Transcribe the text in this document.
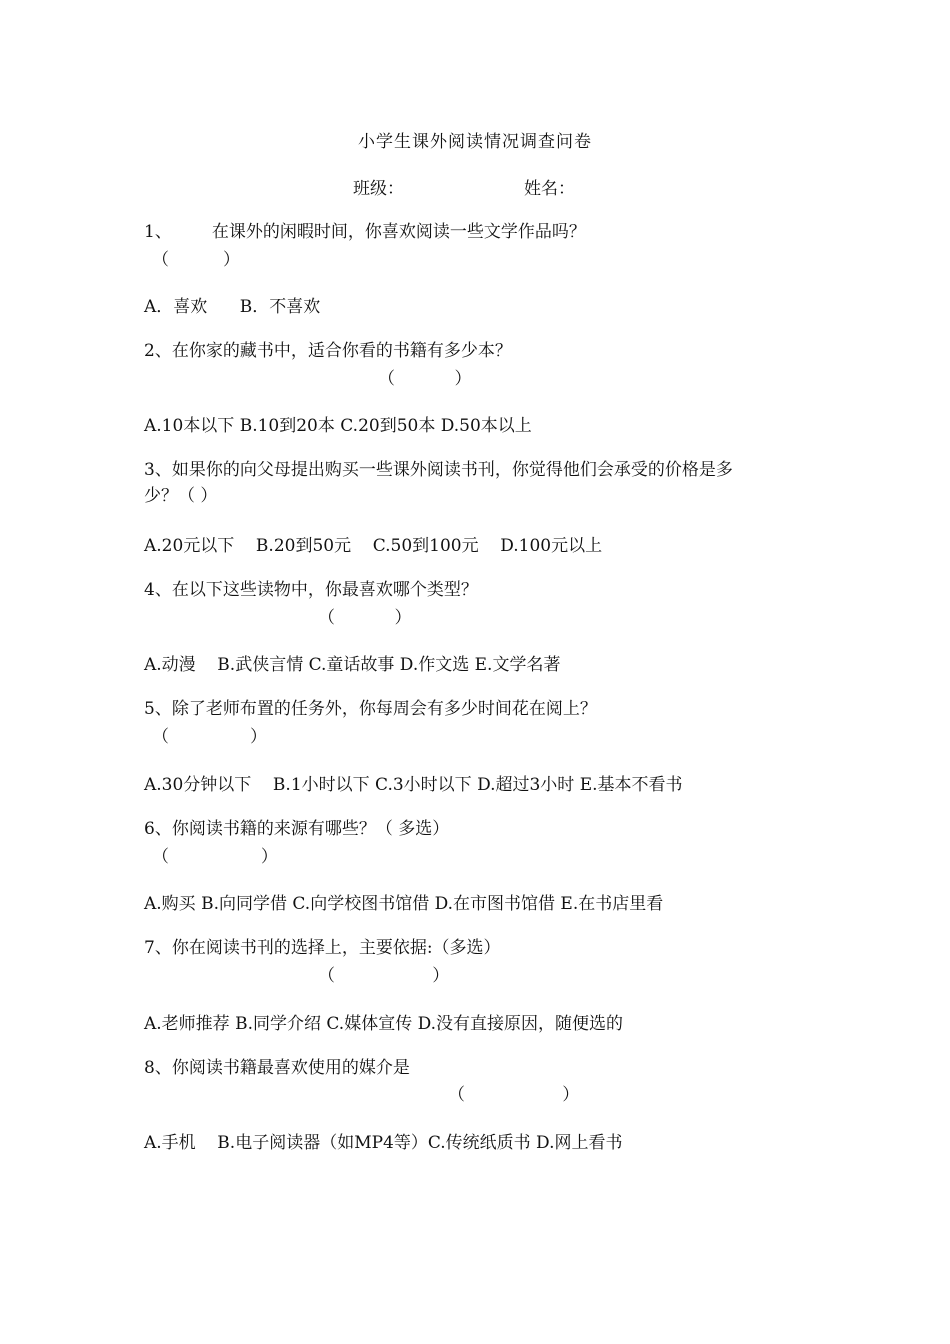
小学生课外阅读情况调查问卷
班级：	姓名：
1、 在课外的闲暇时间，你喜欢阅读一些文学作品吗？
（          ）
A．喜欢      B．不喜欢
2、在你家的藏书中，适合你看的书籍有多少本？
（           ）
A.10本以下 B.10到20本 C.20到50本 D.50本以上
3、如果你的向父母提出购买一些课外阅读书刊，你觉得他们会承受的价格是多
少？（ ）
A.20元以下    B.20到50元    C.50到100元    D.100元以上
4、在以下这些读物中，你最喜欢哪个类型？
（           ）
A.动漫    B.武侠言情 C.童话故事 D.作文选 E.文学名著
5、除了老师布置的任务外，你每周会有多少时间花在阅上？
（               ）
A.30分钟以下    B.1小时以下 C.3小时以下 D.超过3小时 E.基本不看书
6、你阅读书籍的来源有哪些？（ 多选）
（                 ）
A.购买 B.向同学借 C.向学校图书馆借 D.在市图书馆借 E.在书店里看
7、你在阅读书刊的选择上，主要依据:（多选）
（                  ）
A.老师推荐 B.同学介绍 C.媒体宣传 D.没有直接原因，随便选的
8、你阅读书籍最喜欢使用的媒介是
（                  ）
A.手机    B.电子阅读器（如MP4等）C.传统纸质书 D.网上看书
